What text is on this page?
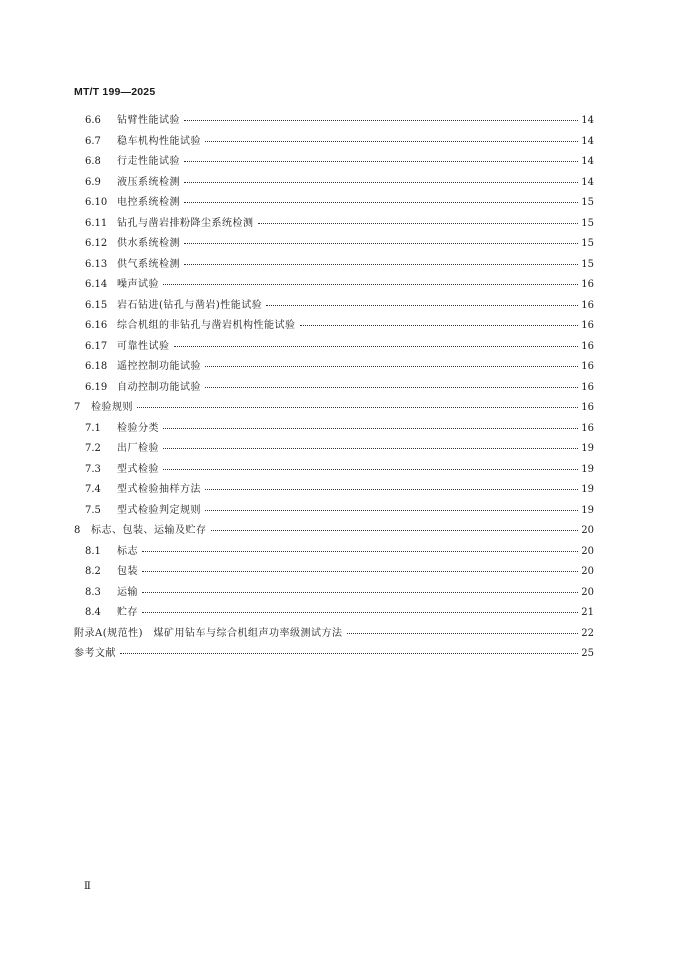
MT/T 199—2025
6.6	钻臂性能试验	14
6.7	稳车机构性能试验	14
6.8	行走性能试验	14
6.9	液压系统检测	14
6.10 电控系统检测	15
6.11 钻孔与凿岩排粉降尘系统检测	15
6.12 供水系统检测	15
6.13 供气系统检测	15
6.14 噪声试验	16
6.15 岩石钻进(钻孔与凿岩)性能试验	16
6.16 综合机组的非钻孔与凿岩机构性能试验	16
6.17 可靠性试验	16
6.18 遥控控制功能试验	16
6.19 自动控制功能试验	16
7	检验规则	16
7.1	检验分类	16
7.2	出厂检验	19
7.3	型式检验	19
7.4	型式检验抽样方法	19
7.5	型式检验判定规则	19
8	标志、包装、运输及贮存	20
8.1	标志	20
8.2	包装	20
8.3	运输	20
8.4	贮存	21
附录A(规范性)　煤矿用钻车与综合机组声功率级测试方法	22
参考文献	25
Ⅱ
